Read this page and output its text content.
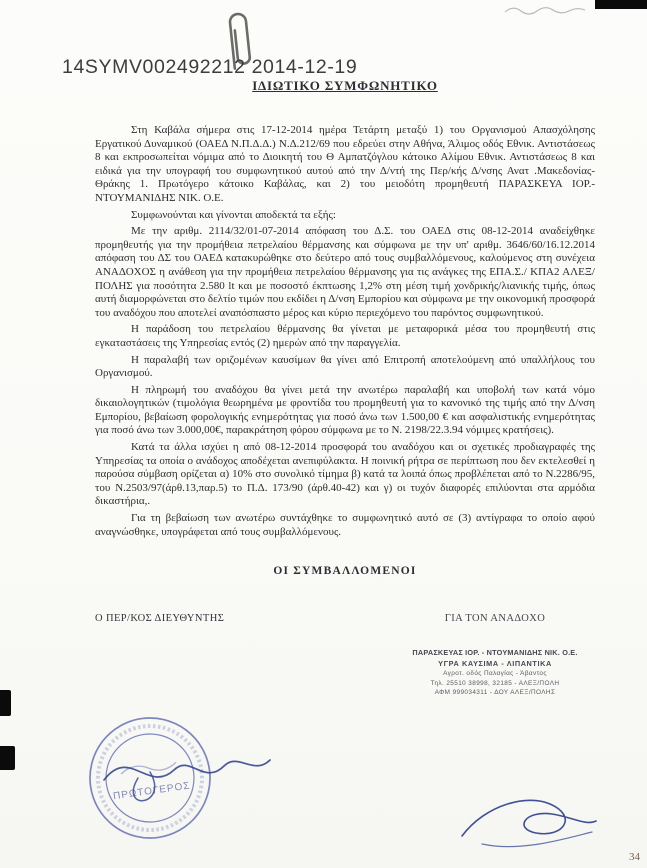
14SYMV002492212 2014-12-19
ΙΔΙΩΤΙΚΟ ΣΥΜΦΩΝΗΤΙΚΟ

Στη Καβάλα σήμερα στις 17-12-2014 ημέρα Τετάρτη μεταξύ 1) του Οργανισμού Απασχόλησης Εργατικού Δυναμικού (ΟΑΕΔ Ν.Π.Δ.Δ.) Ν.Δ.212/69 που εδρεύει στην Αθήνα, Άλιμος οδός Εθνικ. Αντιστάσεως 8 και εκπροσωπείται νόμιμα από το Διοικητή του Θ Αμπατζόγλου κάτοικο Αλίμου Εθνικ. Αντιστάσεως 8 και ειδικά για την υπογραφή του συμφωνητικού αυτού από την Δ/ντή της Περ/κής Δ/νσης Ανατ .Μακεδονίας-Θράκης 1. Πρωτόγερο κάτοικο Καβάλας, και 2) του μειοδότη προμηθευτή ΠΑΡΑΣΚΕΥΑ ΙΟΡ.-ΝΤΟΥΜΑΝΙΔΗΣ ΝΙΚ. Ο.Ε.

Συμφωνούνται και γίνονται αποδεκτά τα εξής:

Με την αριθμ. 2114/32/01-07-2014 απόφαση του Δ.Σ. του ΟΑΕΔ στις 08-12-2014 αναδείχθηκε προμηθευτής για την προμήθεια πετρελαίου θέρμανσης και σύμφωνα με την υπ' αριθμ. 3646/60/16.12.2014 απόφαση του ΔΣ του ΟΑΕΔ κατακυρώθηκε στο δεύτερο από τους συμβαλλόμενους, καλούμενος στη συνέχεια ΑΝΑΔΟΧΟΣ η ανάθεση για την προμήθεια πετρελαίου θέρμανσης για τις ανάγκες της ΕΠΑ.Σ./ ΚΠΑ2 ΑΛΕΞ/ΠΟΛΗΣ για ποσότητα 2.580 lt και με ποσοστό έκπτωσης 1,2% στη μέση τιμή χονδρικής/λιανικής τιμής, όπως αυτή διαμορφώνεται στο δελτίο τιμών που εκδίδει η Δ/νση Εμπορίου και σύμφωνα με την οικονομική προσφορά του αναδόχου που αποτελεί αναπόσπαστο μέρος και κύριο περιεχόμενο του παρόντος συμφωνητικού.

Η παράδοση του πετρελαίου θέρμανσης θα γίνεται με μεταφορικά μέσα του προμηθευτή στις εγκαταστάσεις της Υπηρεσίας εντός (2) ημερών από την παραγγελία.

Η παραλαβή των οριζομένων καυσίμων θα γίνει από Επιτροπή αποτελούμενη από υπαλλήλους του Οργανισμού.

Η πληρωμή του αναδόχου θα γίνει μετά την ανωτέρω παραλαβή και υποβολή των κατά νόμο δικαιολογητικών (τιμολόγια θεωρημένα με φροντίδα του προμηθευτή για το κανονικό της τιμής από την Δ/νση Εμπορίου, βεβαίωση φορολογικής ενημερότητας για ποσό άνω των 1.500,00 € και ασφαλιστικής ενημερότητας για ποσό άνω των 3.000,00€, παρακράτηση φόρου σύμφωνα με το Ν. 2198/22.3.94 νόμιμες κρατήσεις).

Κατά τα άλλα ισχύει η από 08-12-2014 προσφορά του αναδόχου και οι σχετικές προδιαγραφές της Υπηρεσίας τα οποία ο ανάδοχος αποδέχεται ανεπιφύλακτα. Η ποινική ρήτρα σε περίπτωση που δεν εκτελεσθεί η παρούσα σύμβαση ορίζεται α) 10% στο συνολικό τίμημα β) κατά τα λοιπά όπως προβλέπεται από το Ν.2286/95, του Ν.2503/97(άρθ.13,παρ.5) το Π.Δ. 173/90 (άρθ.40-42) και γ) οι τυχόν διαφορές επιλύονται στα αρμόδια δικαστήρια,.

Για τη βεβαίωση των ανωτέρω συντάχθηκε το συμφωνητικό αυτό σε (3) αντίγραφα το οποίο αφού αναγνώσθηκε, υπογράφεται από τους συμβαλλόμενους.

ΟΙ ΣΥΜΒΑΛΛΟΜΕΝΟΙ
Ο ΠΕΡ/ΚΟΣ ΔΙΕΥΘΥΝΤΗΣ	ΓΙΑ ΤΟΝ ΑΝΑΔΟΧΟ
ΠΑΡΑΣΚΕΥΑΣ ΙΟΡ. - ΝΤΟΥΜΑΝΙΔΗΣ ΝΙΚ. Ο.Ε.
ΥΓΡΑ ΚΑΥΣΙΜΑ - ΛΙΠΑΝΤΙΚΑ
Αγροτ. οδός Παλαγίας - Άβαντος
Τηλ. 25510 38998, 32185 - ΑΛΕΞ/ΠΟΛΗ
ΑΦΜ 999034311 - ΔΟΥ ΑΛΕΞ/ΠΟΛΗΣ
ΠΡΩΤΟΓΕΡΟΣ
34
